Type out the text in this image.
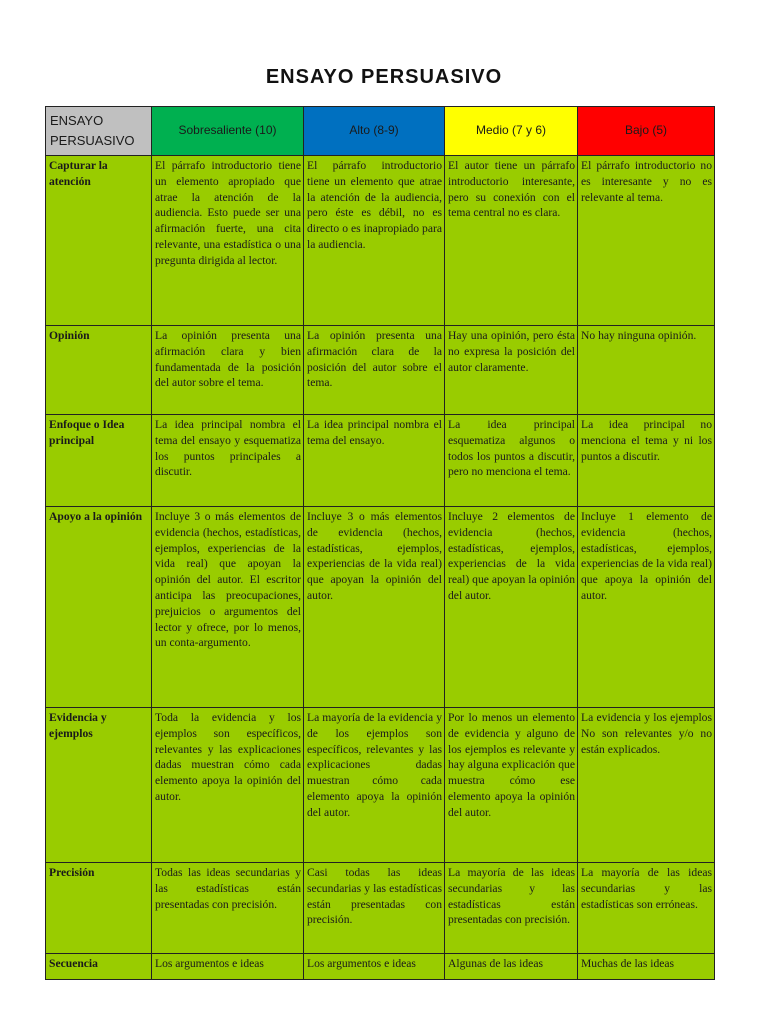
ENSAYO PERSUASIVO
ENSAYO PERSUASIVO	Sobresaliente (10)	Alto (8-9)	Medio (7 y 6)	Bajo (5)
Capturar la atención	El párrafo introductorio tiene un elemento apropiado que atrae la atención de la audiencia. Esto puede ser una afirmación fuerte, una cita relevante, una estadística o una pregunta dirigida al lector.	El párrafo introductorio tiene un elemento que atrae la atención de la audiencia, pero éste es débil, no es directo o es inapropiado para la audiencia.	El autor tiene un párrafo introductorio interesante, pero su conexión con el tema central no es clara.	El párrafo introductorio no es interesante y no es relevante al tema.
Opinión	La opinión presenta una afirmación clara y bien fundamentada de la posición del autor sobre el tema.	La opinión presenta una afirmación clara de la posición del autor sobre el tema.	Hay una opinión, pero ésta no expresa la posición del autor claramente.	No hay ninguna opinión.
Enfoque o Idea principal	La idea principal nombra el tema del ensayo y esquematiza los puntos principales a discutir.	La idea principal nombra el tema del ensayo.	La idea principal esquematiza algunos o todos los puntos a discutir, pero no menciona el tema.	La idea principal no menciona el tema y ni los puntos a discutir.
Apoyo a la opinión	Incluye 3 o más elementos de evidencia (hechos, estadísticas, ejemplos, experiencias de la vida real) que apoyan la opinión del autor. El escritor anticipa las preocupaciones, prejuicios o argumentos del lector y ofrece, por lo menos, un conta-argumento.	Incluye 3 o más elementos de evidencia (hechos, estadísticas, ejemplos, experiencias de la vida real) que apoyan la opinión del autor.	Incluye 2 elementos de evidencia (hechos, estadísticas, ejemplos, experiencias de la vida real) que apoyan la opinión del autor.	Incluye 1 elemento de evidencia (hechos, estadísticas, ejemplos, experiencias de la vida real) que apoya la opinión del autor.
Evidencia y ejemplos	Toda la evidencia y los ejemplos son específicos, relevantes y las explicaciones dadas muestran cómo cada elemento apoya la opinión del autor.	La mayoría de la evidencia y de los ejemplos son específicos, relevantes y las explicaciones dadas muestran cómo cada elemento apoya la opinión del autor.	Por lo menos un elemento de evidencia y alguno de los ejemplos es relevante y hay alguna explicación que muestra cómo ese elemento apoya la opinión del autor.	La evidencia y los ejemplos No son relevantes y/o no están explicados.
Precisión	Todas las ideas secundarias y las estadísticas están presentadas con precisión.	Casi todas las ideas secundarias y las estadísticas están presentadas con precisión.	La mayoría de las ideas secundarias y las estadísticas están presentadas con precisión.	La mayoría de las ideas secundarias y las estadísticas son erróneas.
Secuencia	Los argumentos e ideas	Los argumentos e ideas	Algunas de las ideas	Muchas de las ideas
